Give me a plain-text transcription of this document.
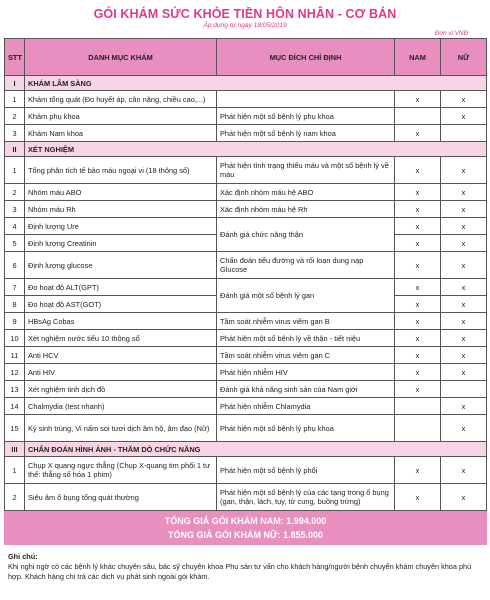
GÓI KHÁM SỨC KHỎE TIỀN HÔN NHÂN - CƠ BẢN
Áp dụng từ ngày 18/05/2019
Đơn vị:VNĐ
STT	DANH MỤC KHÁM	MỤC ĐÍCH CHỈ ĐỊNH	NAM	NỮ
I	KHÁM LÂM SÀNG			
1	Khám tổng quát (Đo huyết áp, cân nặng, chiều cao,...)		x	x
2	Khám phụ khoa	Phát hiện một số bệnh lý phụ khoa		x
3	Khám Nam khoa	Phát hiện một số bệnh lý nam khoa	x	
II	XÉT NGHIỆM			
1	Tổng phân tích tế bào máu ngoại vi (18 thông số)	Phát hiện tình trạng thiếu máu và một số bệnh lý về máu	x	x
2	Nhóm máu ABO	Xác định nhóm máu hệ ABO	x	x
3	Nhóm máu Rh	Xác định nhóm máu hệ Rh	x	x
4	Định lượng Ure	Đánh giá chức năng thận	x	x
5	Định lượng Creatinin		x	x
6	Định lượng glucose	Chẩn đoán tiểu đường và rối loạn dung nạp Glucose	x	x
7	Đo hoạt độ ALT(GPT)	Đánh giá một số bệnh lý gan	x	x
8	Đo hoạt độ AST(GOT)		x	x
9	HBsAg Cobas	Tầm soát nhiễm virus viêm gan B	x	x
10	Xét nghiệm nước tiểu 10 thông số	Phát hiện một số bệnh lý về thận - tiết niệu	x	x
11	Anti HCV	Tầm soát nhiễm virus viêm gan C	x	x
12	Anti HIV	Phát hiện nhiễm HIV	x	x
13	Xét nghiệm tinh dịch đồ	Đánh giá khả năng sinh sản của Nam giới	x	
14	Chalmydia (test nhanh)	Phát hiện nhiễm Chlamydia		x
15	Ký sinh trùng, Vi nấm soi tươi dịch âm hộ, âm đạo (Nữ)	Phát hiện một số bệnh lý phụ khoa		x
III	CHẨN ĐOÁN HÌNH ẢNH - THĂM DÒ CHỨC NĂNG			
1	Chụp X quang ngực thẳng (Chụp X-quang tim phổi 1 tư thế: thẳng số hóa 1 phim)	Phát hiện một số bệnh lý phổi	x	x
2	Siêu âm ổ bụng tổng quát thường	Phát hiện một số bệnh lý của các tạng trong ổ bụng (gan, thận, lách, tụy, tử cung, buồng trứng)	x	x

TỔNG GIÁ GÓI KHÁM NAM: 1.994.000
TỔNG GIÁ GÓI KHÁM NỮ: 1.855.000				
Ghi chú:
Khi nghi ngờ có các bệnh lý khác chuyên sâu, bác sỹ chuyên khoa Phụ sản tư vấn cho khách hàng/người bệnh chuyển khám chuyên khoa phù hợp. Khách hàng chi trả các dịch vụ phát sinh ngoài gói khám.
